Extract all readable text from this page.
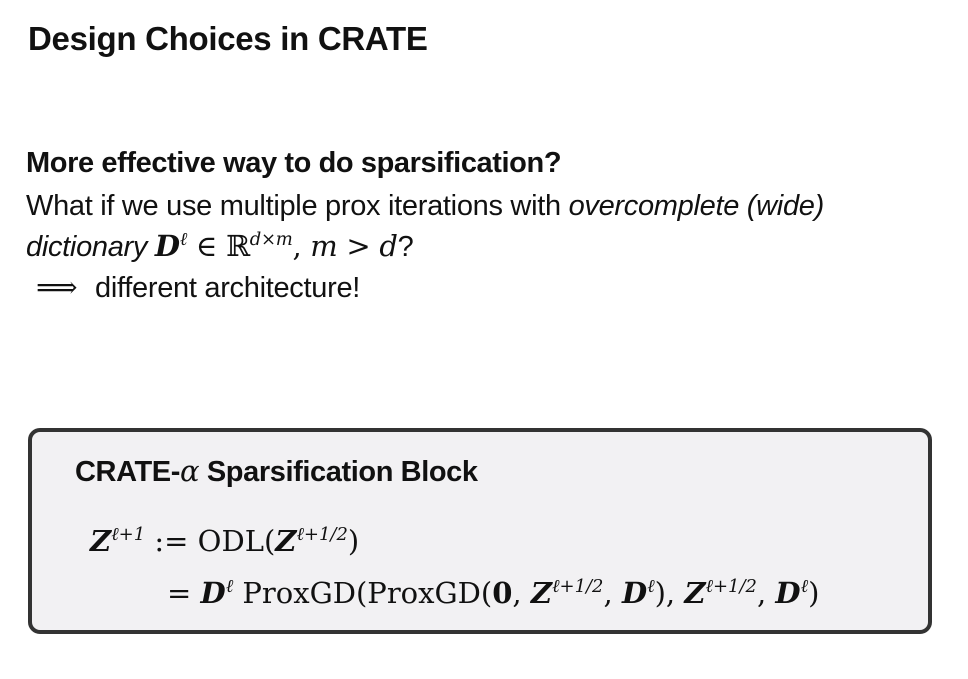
Design Choices in CRATE

More effective way to do sparsification?

What if we use multiple prox iterations with overcomplete (wide)
dictionary $D^\ell$ ∈ ℝ$^{d\times m}$, m > d?
⟹ different architecture!
CRATE-α Sparsification Block
$Z^{\ell+1}$ := $ODL(Z^{\ell+1/2})$
= $D^\ell$ ProxGD(ProxGD(0, $Z^{\ell+1/2}$, $D^\ell$), $Z^{\ell+1/2}$, $D^\ell$)
